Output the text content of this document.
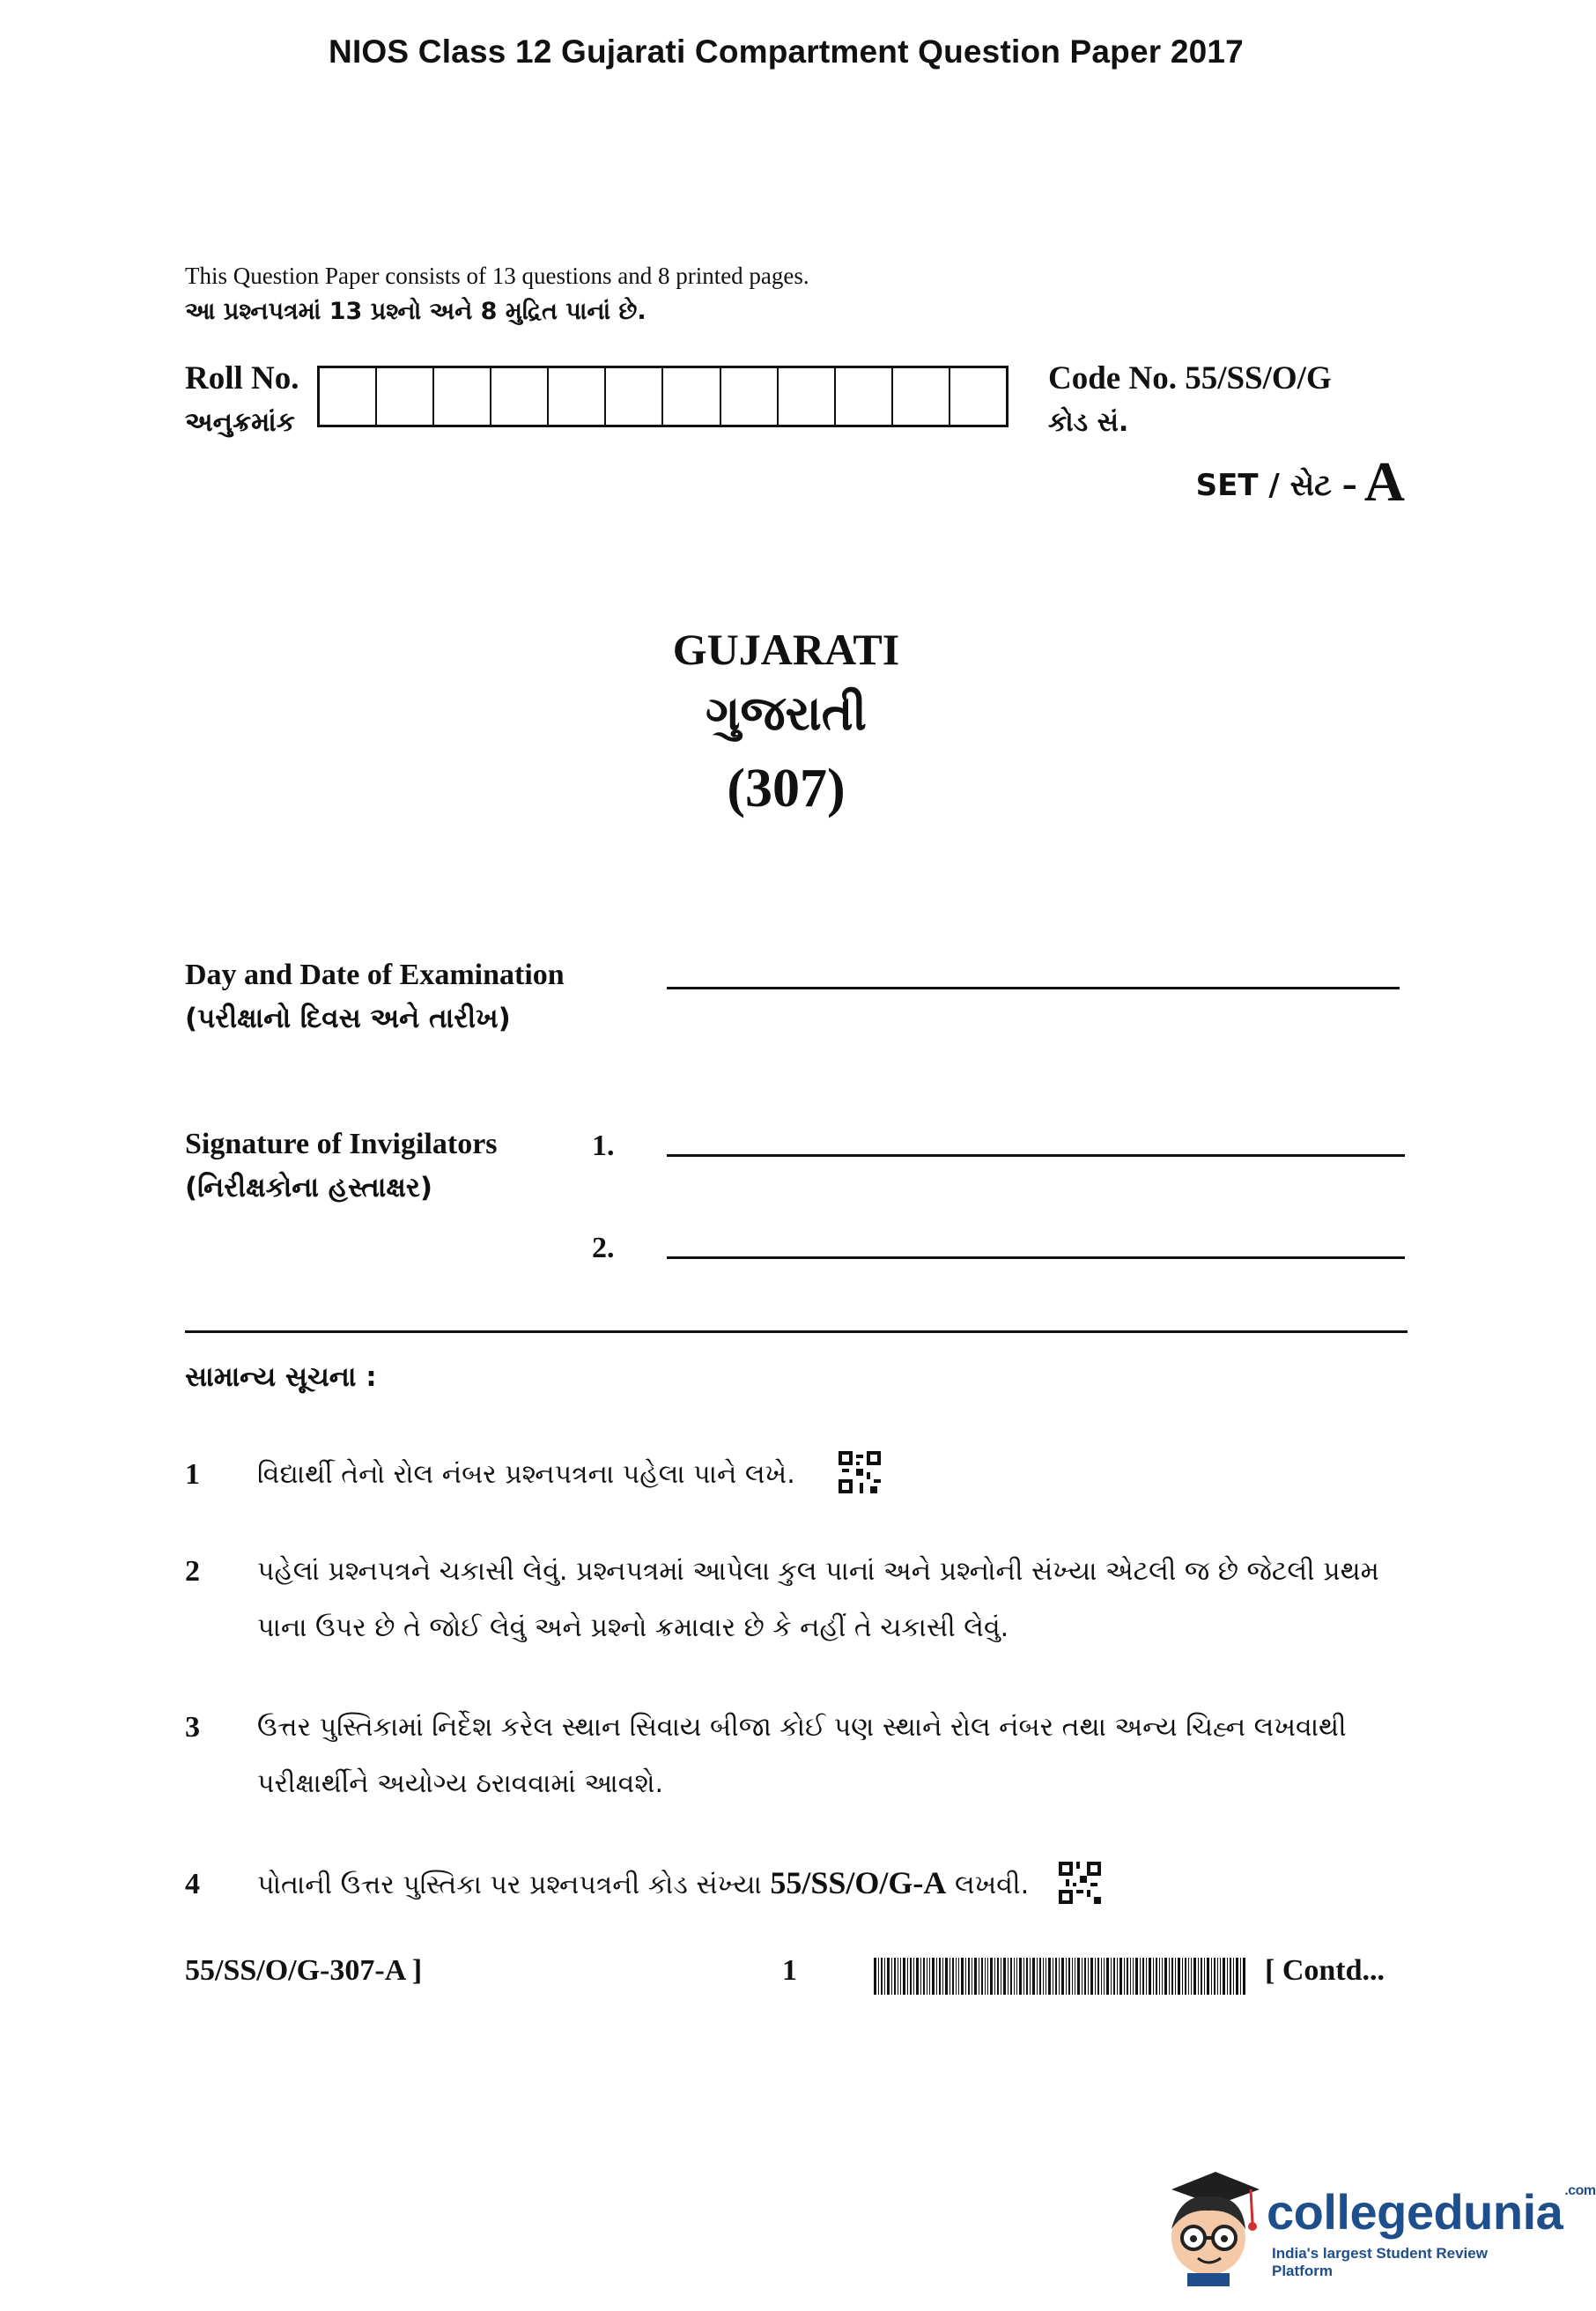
NIOS Class 12 Gujarati Compartment Question Paper 2017
This Question Paper consists of 13 questions and 8 printed pages.
આ પ્રશ્નપત્રમાં 13 પ્રશ્નો અને 8 મુદ્રિત પાનાં છે.
Roll No.
અનુક્રમાંક
Code No. 55/SS/O/G
કોડ સં.
SET / સેટ – A
GUJARATI
ગુજરાતી
(307)
Day and Date of Examination
(પરીક્ષાનો દિવસ અને તારીખ)
Signature of Invigilators
(નિરીક્ષકોના હસ્તાક્ષર)
1.
2.
સામાન્ય સૂચના :
1 વિદ્યાર્થી તેનો રોલ નંબર પ્રશ્નપત્રના પહેલા પાને લખે.
2 પહેલાં પ્રશ્નપત્રને ચકાસી લેવું. પ્રશ્નપત્રમાં આપેલા કુલ પાનાં અને પ્રશ્નોની સંખ્યા એટલી જ છે જેટલી પ્રથમ પાના ઉપર છે તે જોઈ લેવું અને પ્રશ્નો ક્રમાવાર છે કે નહીં તે ચકાસી લેવું.
3 ઉત્તર પુસ્તિકામાં નિર્દેશ કરેલ સ્થાન સિવાય બીજા કોઈ પણ સ્થાને રોલ નંબર તથા અન્ય ચિહ્ન લખવાથી પરીક્ષાર્થીને અયોગ્ય ઠરાવવામાં આવશે.
4 પોતાની ઉત્તર પુસ્તિકા પર પ્રશ્નપત્રની કોડ સંખ્યા 55/SS/O/G-A લખવી.
55/SS/O/G-307-A ]	1	[ Contd...
collegedunia $^{.com}$
India's largest Student Review Platform
